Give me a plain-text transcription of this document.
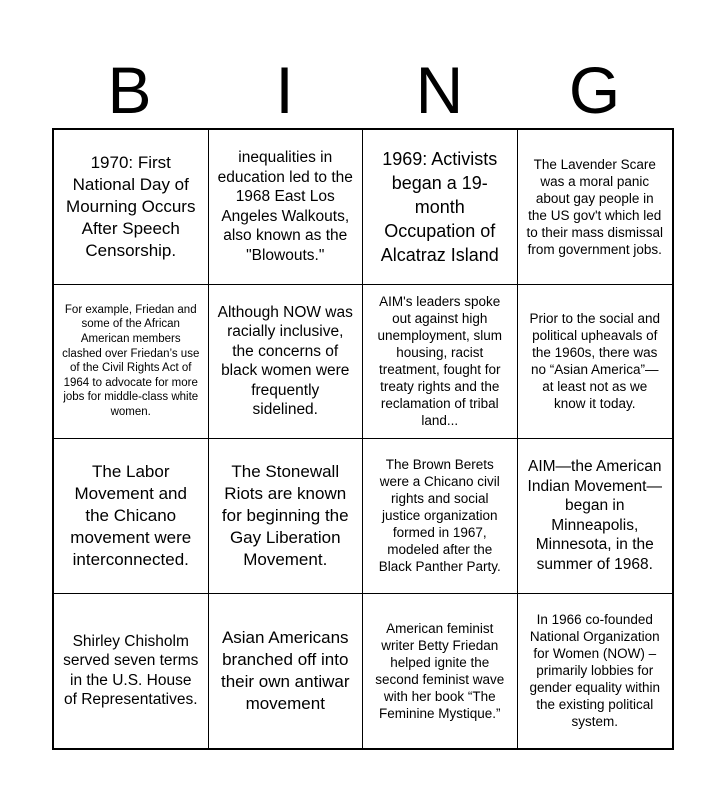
B	I	N	G
1970: First National Day of Mourning Occurs After Speech Censorship.
inequalities in education led to the 1968 East Los Angeles Walkouts, also known as the "Blowouts."
1969: Activists began a 19-month Occupation of Alcatraz Island
The Lavender Scare was a moral panic about gay people in the US gov't which led to their mass dismissal from government jobs.
For example, Friedan and some of the African American members clashed over Friedan’s use of the Civil Rights Act of 1964 to advocate for more jobs for middle-class white women.
Although NOW was racially inclusive, the concerns of black women were frequently sidelined.
AIM's leaders spoke out against high unemployment, slum housing, racist treatment, fought for treaty rights and the reclamation of tribal land...
Prior to the social and political upheavals of the 1960s, there was no “Asian America”—at least not as we know it today.
The Labor Movement and the Chicano movement were interconnected.
The Stonewall Riots are known for beginning the Gay Liberation Movement.
The Brown Berets were a Chicano civil rights and social justice organization formed in 1967, modeled after the Black Panther Party.
AIM—the American Indian Movement—began in Minneapolis, Minnesota, in the summer of 1968.
Shirley Chisholm served seven terms in the U.S. House of Representatives.
Asian Americans branched off into their own antiwar movement
American feminist writer Betty Friedan helped ignite the second feminist wave with her book “The Feminine Mystique.”
In 1966 co-founded National Organization for Women (NOW) – primarily lobbies for gender equality within the existing political system.
